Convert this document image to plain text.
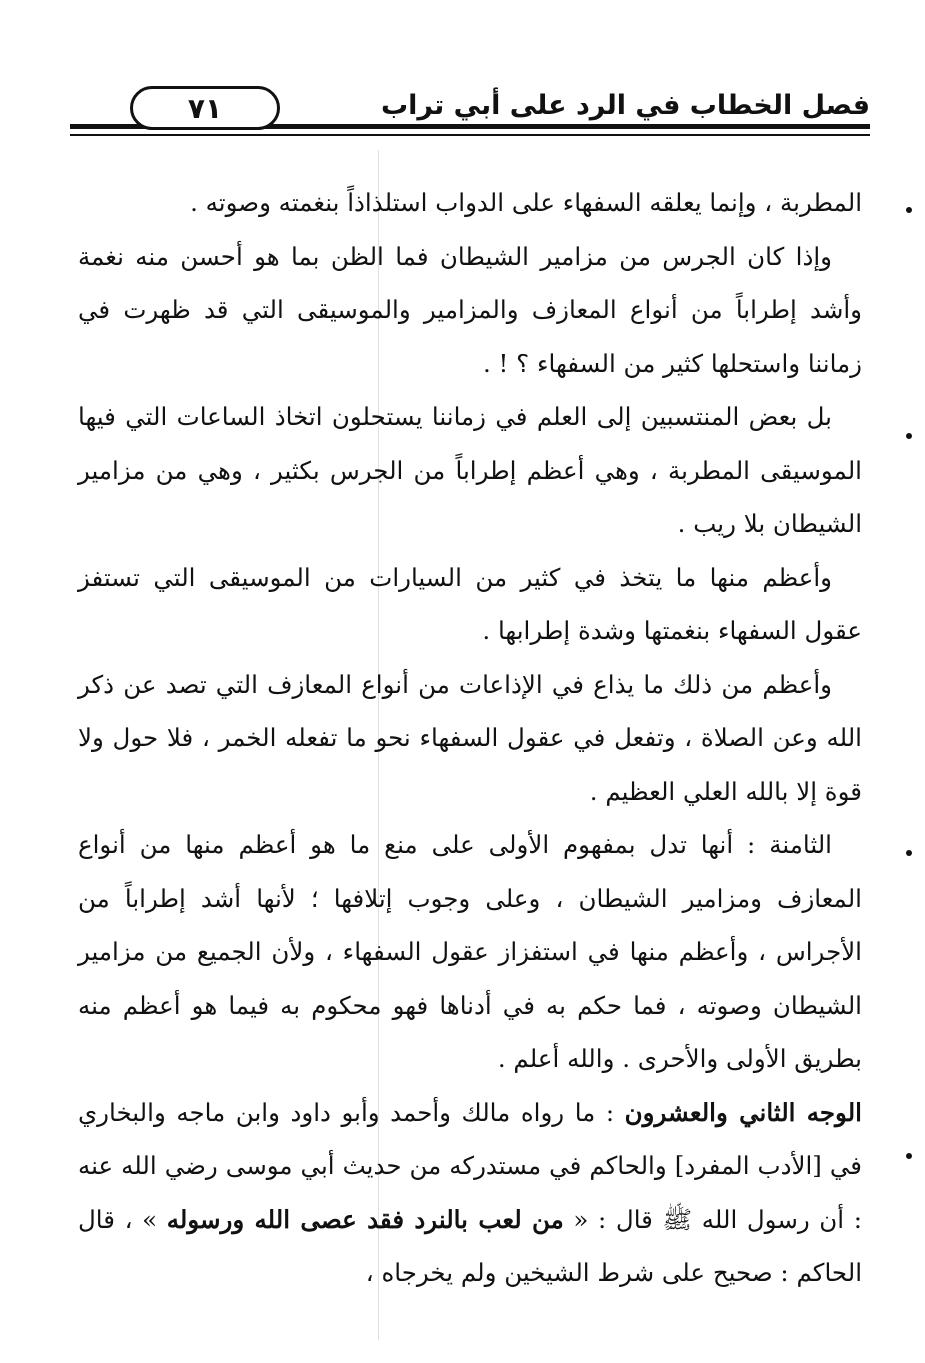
فصل الخطاب في الرد على أبي تراب
٧١

المطربة ، وإنما يعلقه السفهاء على الدواب استلذاذاً بنغمته وصوته .

وإذا كان الجرس من مزامير الشيطان فما الظن بما هو أحسن منه نغمة وأشد إطراباً من أنواع المعازف والمزامير والموسيقى التي قد ظهرت في زماننا واستحلها كثير من السفهاء ؟ ! .

بل بعض المنتسبين إلى العلم في زماننا يستحلون اتخاذ الساعات التي فيها الموسيقى المطربة ، وهي أعظم إطراباً من الجرس بكثير ، وهي من مزامير الشيطان بلا ريب .

وأعظم منها ما يتخذ في كثير من السيارات من الموسيقى التي تستفز عقول السفهاء بنغمتها وشدة إطرابها .

وأعظم من ذلك ما يذاع في الإذاعات من أنواع المعازف التي تصد عن ذكر الله وعن الصلاة ، وتفعل في عقول السفهاء نحو ما تفعله الخمر ، فلا حول ولا قوة إلا بالله العلي العظيم .

الثامنة : أنها تدل بمفهوم الأولى على منع ما هو أعظم منها من أنواع المعازف ومزامير الشيطان ، وعلى وجوب إتلافها ؛ لأنها أشد إطراباً من الأجراس ، وأعظم منها في استفزاز عقول السفهاء ، ولأن الجميع من مزامير الشيطان وصوته ، فما حكم به في أدناها فهو محكوم به فيما هو أعظم منه بطريق الأولى والأحرى . والله أعلم .

الوجه الثاني والعشرون : ما رواه مالك وأحمد وأبو داود وابن ماجه والبخاري في [الأدب المفرد] والحاكم في مستدركه من حديث أبي موسى رضي الله عنه : أن رسول الله ﷺ قال : « من لعب بالنرد فقد عصى الله ورسوله » ، قال الحاكم : صحيح على شرط الشيخين ولم يخرجاه ،
